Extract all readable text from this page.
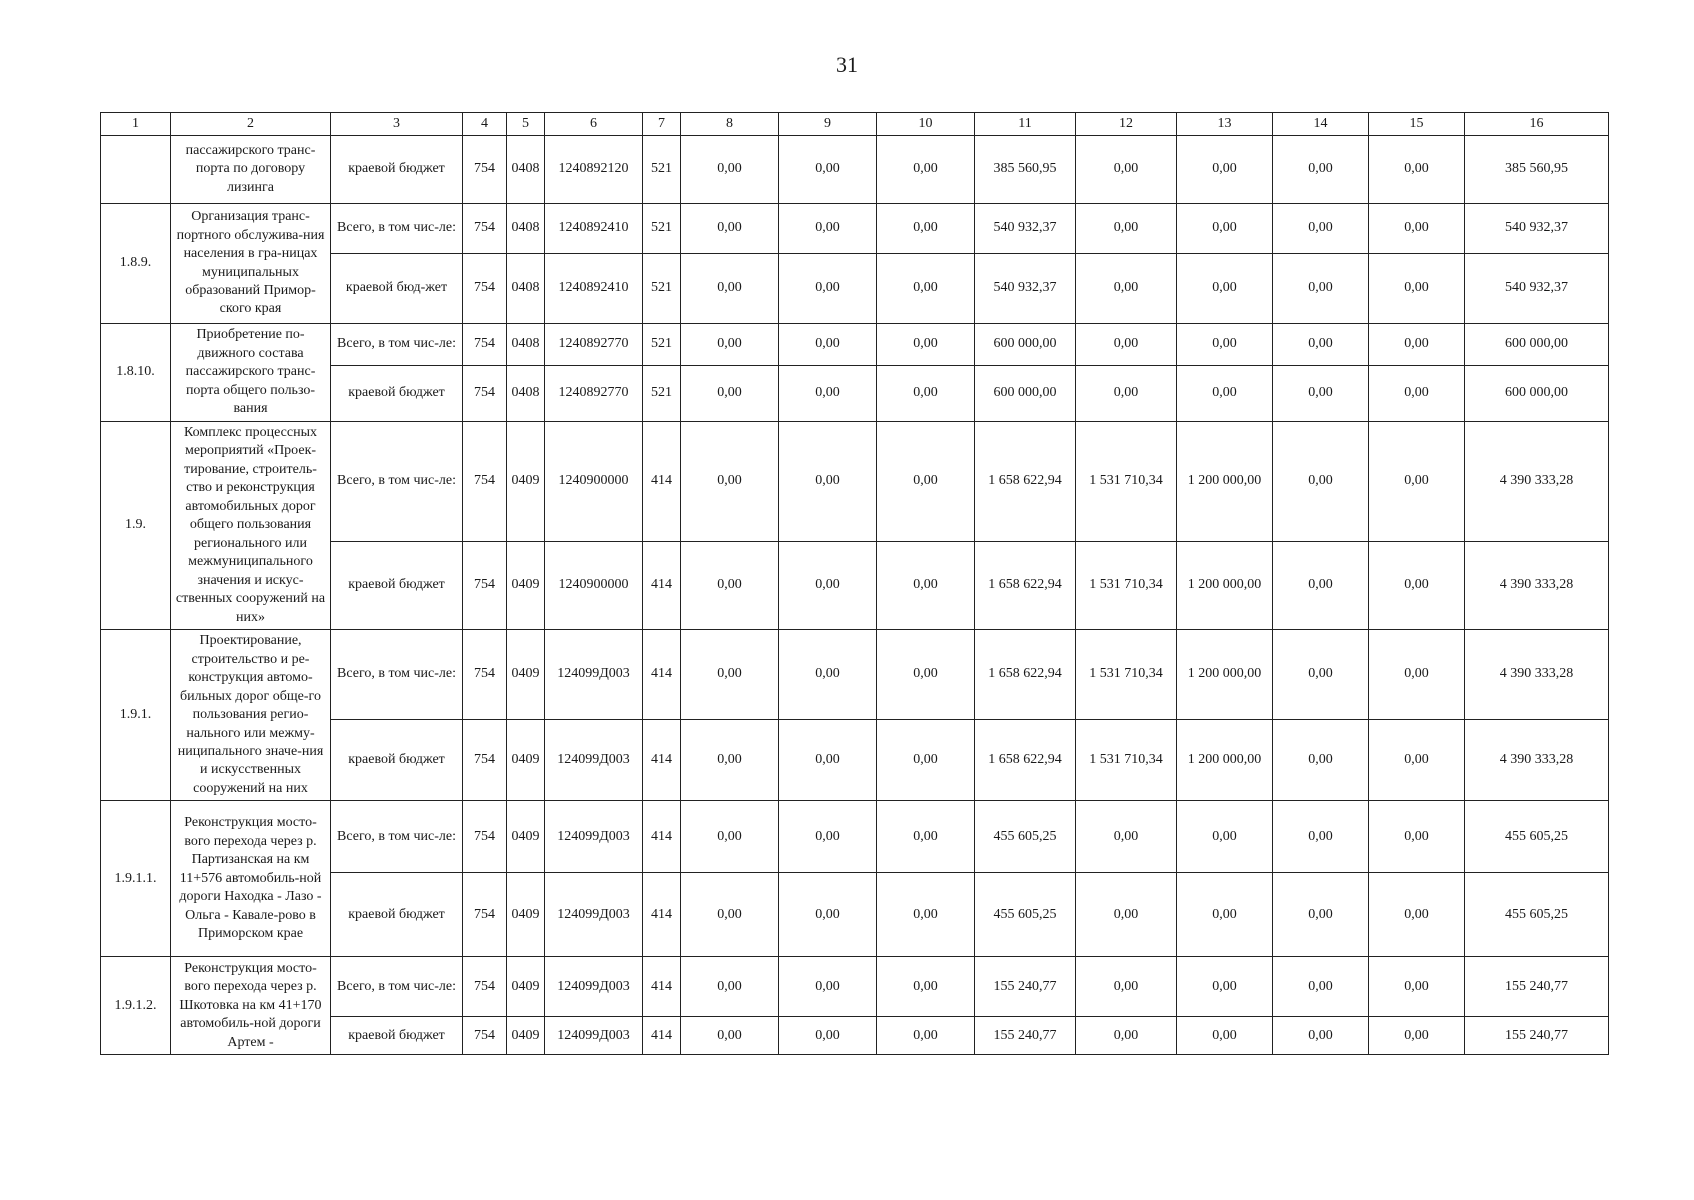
31
1	2	3	4	5	6	7	8	9	10	11	12	13	14	15	16
	пассажирского транс-порта по договору лизинга	краевой бюджет	754	0408	1240892120	521	0,00	0,00	0,00	385 560,95	0,00	0,00	0,00	0,00	385 560,95
1.8.9.	Организация транс-портного обслужива-ния населения в гра-ницах муниципальных образований Примор-ского края	Всего, в том чис-ле:	754	0408	1240892410	521	0,00	0,00	0,00	540 932,37	0,00	0,00	0,00	0,00	540 932,37
		краевой бюд-жет	754	0408	1240892410	521	0,00	0,00	0,00	540 932,37	0,00	0,00	0,00	0,00	540 932,37
1.8.10.	Приобретение по-движного состава пассажирского транс-порта общего пользо-вания	Всего, в том чис-ле:	754	0408	1240892770	521	0,00	0,00	0,00	600 000,00	0,00	0,00	0,00	0,00	600 000,00
		краевой бюджет	754	0408	1240892770	521	0,00	0,00	0,00	600 000,00	0,00	0,00	0,00	0,00	600 000,00
1.9.	Комплекс процессных мероприятий «Проек-тирование, строитель-ство и реконструкция автомобильных дорог общего пользования регионального или межмуниципального значения и искус-ственных сооружений на них»	Всего, в том чис-ле:	754	0409	1240900000	414	0,00	0,00	0,00	1 658 622,94	1 531 710,34	1 200 000,00	0,00	0,00	4 390 333,28
		краевой бюджет	754	0409	1240900000	414	0,00	0,00	0,00	1 658 622,94	1 531 710,34	1 200 000,00	0,00	0,00	4 390 333,28
1.9.1.	Проектирование, строительство и ре-конструкция автомо-бильных дорог обще-го пользования регио-нального или межму-ниципального значе-ния и искусственных сооружений на них	Всего, в том чис-ле:	754	0409	124099Д003	414	0,00	0,00	0,00	1 658 622,94	1 531 710,34	1 200 000,00	0,00	0,00	4 390 333,28
		краевой бюджет	754	0409	124099Д003	414	0,00	0,00	0,00	1 658 622,94	1 531 710,34	1 200 000,00	0,00	0,00	4 390 333,28
1.9.1.1.	Реконструкция мосто-вого перехода через р. Партизанская на км 11+576 автомобиль-ной дороги Находка - Лазо - Ольга - Кавале-рово в Приморском крае	Всего, в том чис-ле:	754	0409	124099Д003	414	0,00	0,00	0,00	455 605,25	0,00	0,00	0,00	0,00	455 605,25
		краевой бюджет	754	0409	124099Д003	414	0,00	0,00	0,00	455 605,25	0,00	0,00	0,00	0,00	455 605,25
1.9.1.2.	Реконструкция мосто-вого перехода через р. Шкотовка на км 41+170 автомобиль-ной дороги Артем -	Всего, в том чис-ле:	754	0409	124099Д003	414	0,00	0,00	0,00	155 240,77	0,00	0,00	0,00	0,00	155 240,77
		краевой бюджет	754	0409	124099Д003	414	0,00	0,00	0,00	155 240,77	0,00	0,00	0,00	0,00	155 240,77
